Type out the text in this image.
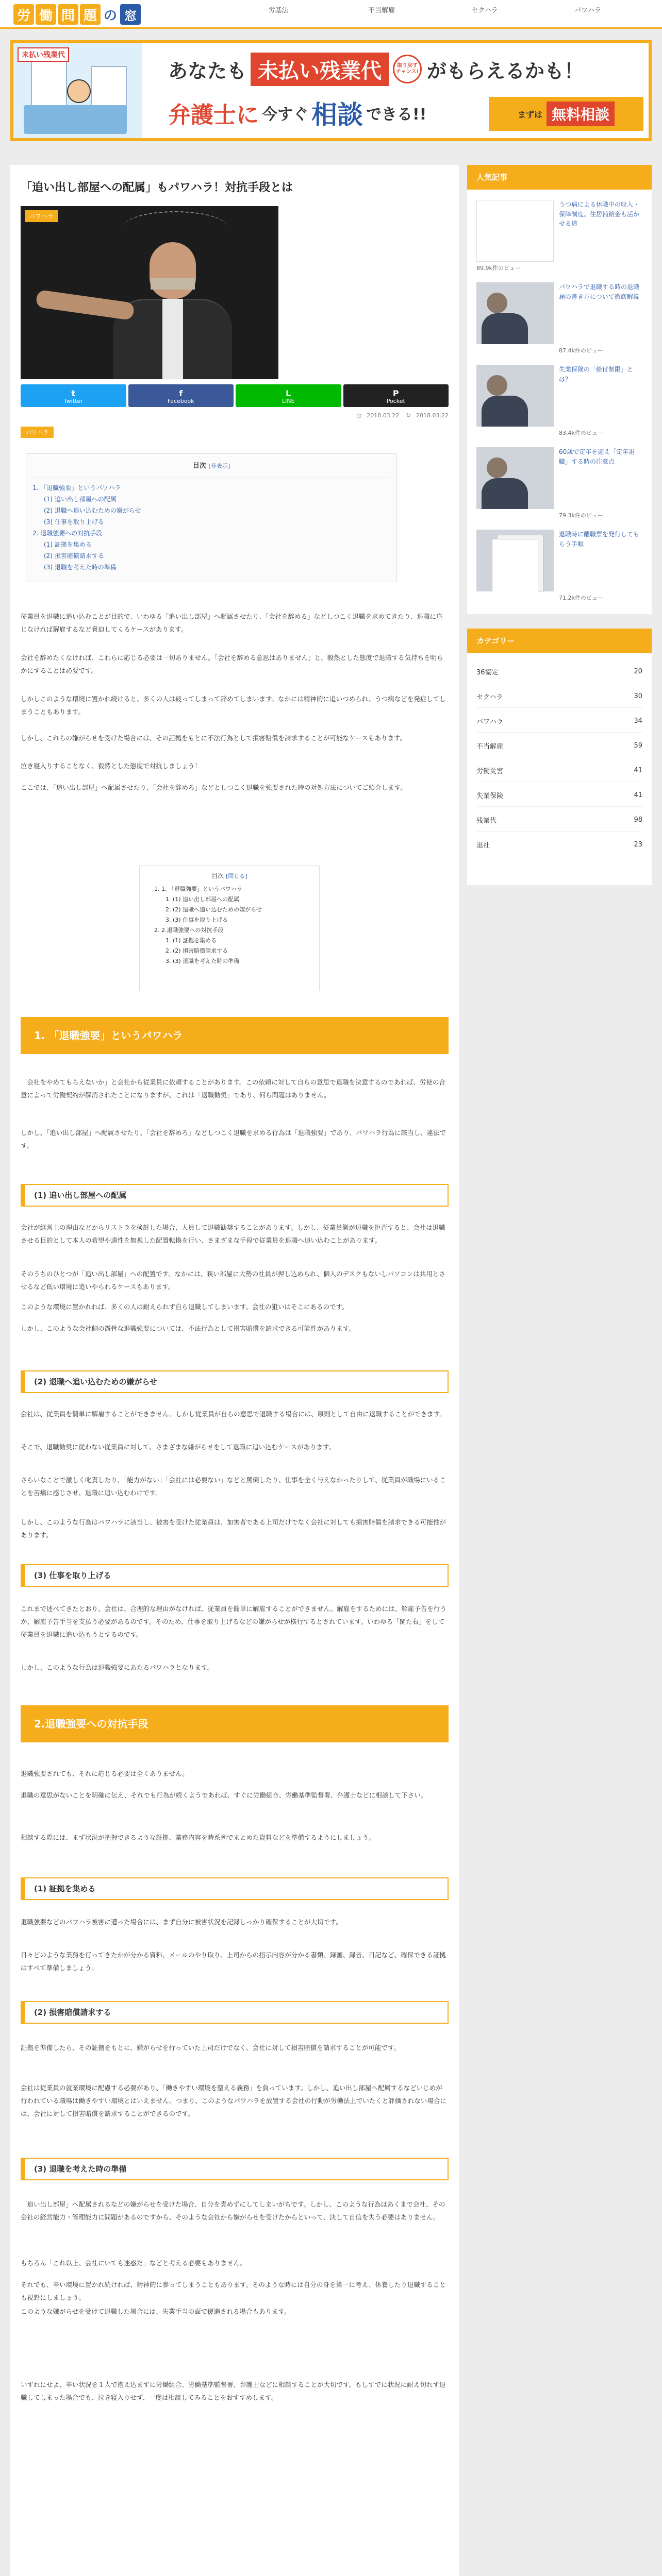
労 働 問 題 の 窓	労基法	不当解雇	セクハラ	パワハラ
未払い残業代
あなたも 未払い残業代	取り戻す チャンス! がもらえるかも！
弁護士に 今すぐ 相談 できる!!	まずは 無料相談
「追い出し部屋への配属」もパワハラ！対抗手段とは
パワハラ
t
Twitter
f
Facebook
L
LINE
P
Pocket
◷ 2018.03.22 ↻ 2018.03.22
パワハラ
目次 [非表示]
1. 「退職強要」というパワハラ
(1) 追い出し部屋への配属
(2) 退職へ追い込むための嫌がらせ
(3) 仕事を取り上げる
2. 退職強要への対抗手段
(1) 証拠を集める
(2) 損害賠償請求する
(3) 退職を考えた時の準備
目次 [閉じる]
1. 1. 「退職強要」というパワハラ
1. (1) 追い出し部屋への配属
2. (2) 退職へ追い込むための嫌がらせ
3. (3) 仕事を取り上げる
2. 2.退職強要への対抗手段
1. (1) 証拠を集める
2. (2) 損害賠償請求する
3. (3) 退職を考えた時の準備

従業員を退職に追い込むことが目的で、いわゆる「追い出し部屋」へ配属させたり、「会社を辞める」などしつこく退職を求めてきたり、退職に応じなければ解雇するなど脅迫してくるケースがあります。

会社を辞めたくなければ、これらに応じる必要は一切ありません。「会社を辞める意思はありません」と、毅然とした態度で退職する気持ちを明らかにすることは必要です。

しかしこのような環境に置かれ続けると、多くの人は疲ってしまって辞めてしまいます。なかには精神的に追いつめられ、うつ病などを発症してしまうこともあります。

しかし、これらの嫌がらせを受けた場合には、その証拠をもとに不法行為として損害賠償を請求することが可能なケースもあります。

泣き寝入りすることなく、毅然とした態度で対抗しましょう！

ここでは、「追い出し部屋」へ配属させたり、「会社を辞めろ」などとしつこく退職を強要された時の対処方法についてご紹介します。

1. 「退職強要」というパワハラ

「会社をやめてもらえないか」と会社から従業員に依頼することがあります。この依頼に対して自らの意思で退職を決意するのであれば、労使の合意によって労働契約が解消されたことになりますが、これは「退職勧奨」であり、何ら問題はありません。

しかし、「追い出し部屋」へ配属させたり、「会社を辞めろ」などしつこく退職を求める行為は「退職強要」であり、パワハラ行為に該当し、違法です。

(1) 追い出し部屋への配属

会社が経営上の理由などからリストラを検討した場合、人員して退職勧奨することがあります。しかし、従業員側が退職を拒否すると、会社は退職させる目的として本人の希望や適性を無視した配置転換を行い、さまざまな手段で従業員を退職へ追い込むことがあります。

そのうちのひとつが「追い出し部屋」への配置です。なかには、狭い部屋に大勢の社員が押し込められ、個人のデスクもないしパソコンは共用とさせるなど低い環境に追いやられるケースもあります。

このような環境に置かれれば、多くの人は耐えられず自ら退職してしまいます。会社の狙いはそこにあるのです。

しかし、このような会社側の露骨な退職強要については、不法行為として損害賠償を請求できる可能性があります。

(2) 退職へ追い込むための嫌がらせ

会社は、従業員を簡単に解雇することができません。しかし従業員が自らの意思で退職する場合には、原則として自由に退職することができます。

そこで、退職勧奨に従わない従業員に対して、さまざまな嫌がらせをして退職に追い込むケースがあります。

さらいなことで激しく叱責したり、「能力がない」「会社には必要ない」などと罵倒したり、仕事を全く与えなかったりして、従業員が職場にいることを苦痛に感じさせ、退職に追い込むわけです。

しかし、このような行為はパワハラに該当し、被害を受けた従業員は、加害者である上司だけでなく会社に対しても損害賠償を請求できる可能性があります。

(3) 仕事を取り上げる

これまで述べてきたとおり、会社は、合理的な理由がなければ、従業員を簡単に解雇することができません。解雇をするためには、解雇予告を行うか、解雇予告手当を支払う必要があるのです。そのため、仕事を取り上げるなどの嫌がらせが横行するとされています。いわゆる「閑た右」をして従業員を退職に追い込もうとするのです。

しかし、このような行為は退職強要にあたるパワハラとなります。

2.退職強要への対抗手段

退職強要されても、それに応じる必要は全くありません。

退職の意思がないことを明確に伝え、それでも行為が続くようであれば、すぐに労働組合、労働基準監督署、弁護士などに相談して下さい。

相談する際には、まず状況が把握できるような証拠、業務内容を時系列でまとめた資料などを準備するようにしましょう。

(1) 証拠を集める

退職強要などのパワハラ被害に遭った場合には、まず自分に被害状況を記録しっかり確保することが大切です。

日々どのような業務を行ってきたかが分かる資料、メールのやり取り、上司からの指示内容が分かる書類、録画、録音、日記など、確保できる証拠はすべて準備しましょう。

(2) 損害賠償請求する

証拠を準備したら、その証拠をもとに、嫌がらせを行っていた上司だけでなく、会社に対して損害賠償を請求することが可能です。

会社は従業員の就業環境に配慮する必要があり、「働きやすい環境を整える義務」を負っています。しかし、追い出し部屋へ配属するなどいじめが行われている職場は働きやすい環境とはいえません。つまり、このようなパワハラを放置する会社の行動が労働法上でいたくと評価されない場合には、会社に対して損害賠償を請求することができるのです。

(3) 退職を考えた時の準備

「追い出し部屋」へ配属されるなどの嫌がらせを受けた場合、自分を責めずにしてしまいがちです。しかし、このような行為はあくまで会社、その会社の経営能力・管理能力に問題があるのですから、そのような会社から嫌がらせを受けたからといって、決して自信を失う必要はありません。

もちろん「これ以上、会社にいても迷惑だ」などと考える必要もありません。

それでも、辛い環境に置かれ続ければ、精神的に参ってしまうこともあります。そのような時には自分の身を第一に考え、休養したり退職することも視野にしましょう。

このような嫌がらせを受けて退職した場合には、失業手当の面で優遇される場合もあります。

いずれにせよ、辛い状況を１人で抱え込まずに労働組合、労働基準監督署、弁護士などに相談することが大切です。もしすでに状況に耐え切れず退職してしまった場合でも、泣き寝入りせず、一度は相談してみることをおすすめします。

人気記事
うつ病による休職中の収入・保障制度。住居補給金も活かせる道
89.9k件のビュー
パワハラで退職する時の退職届の書き方について徹底解説
87.4k件のビュー
失業保険の「給付制限」とは？
83.4k件のビュー
60歳で定年を迎え「定年退職」する時の注意点
79.3k件のビュー
退職時に離職票を発行してもらう手順
71.2k件のビュー
カテゴリー
36協定	20
セクハラ	30
パワハラ	34
不当解雇	59
労働災害	41
失業保険	41
残業代	98
退社	23
